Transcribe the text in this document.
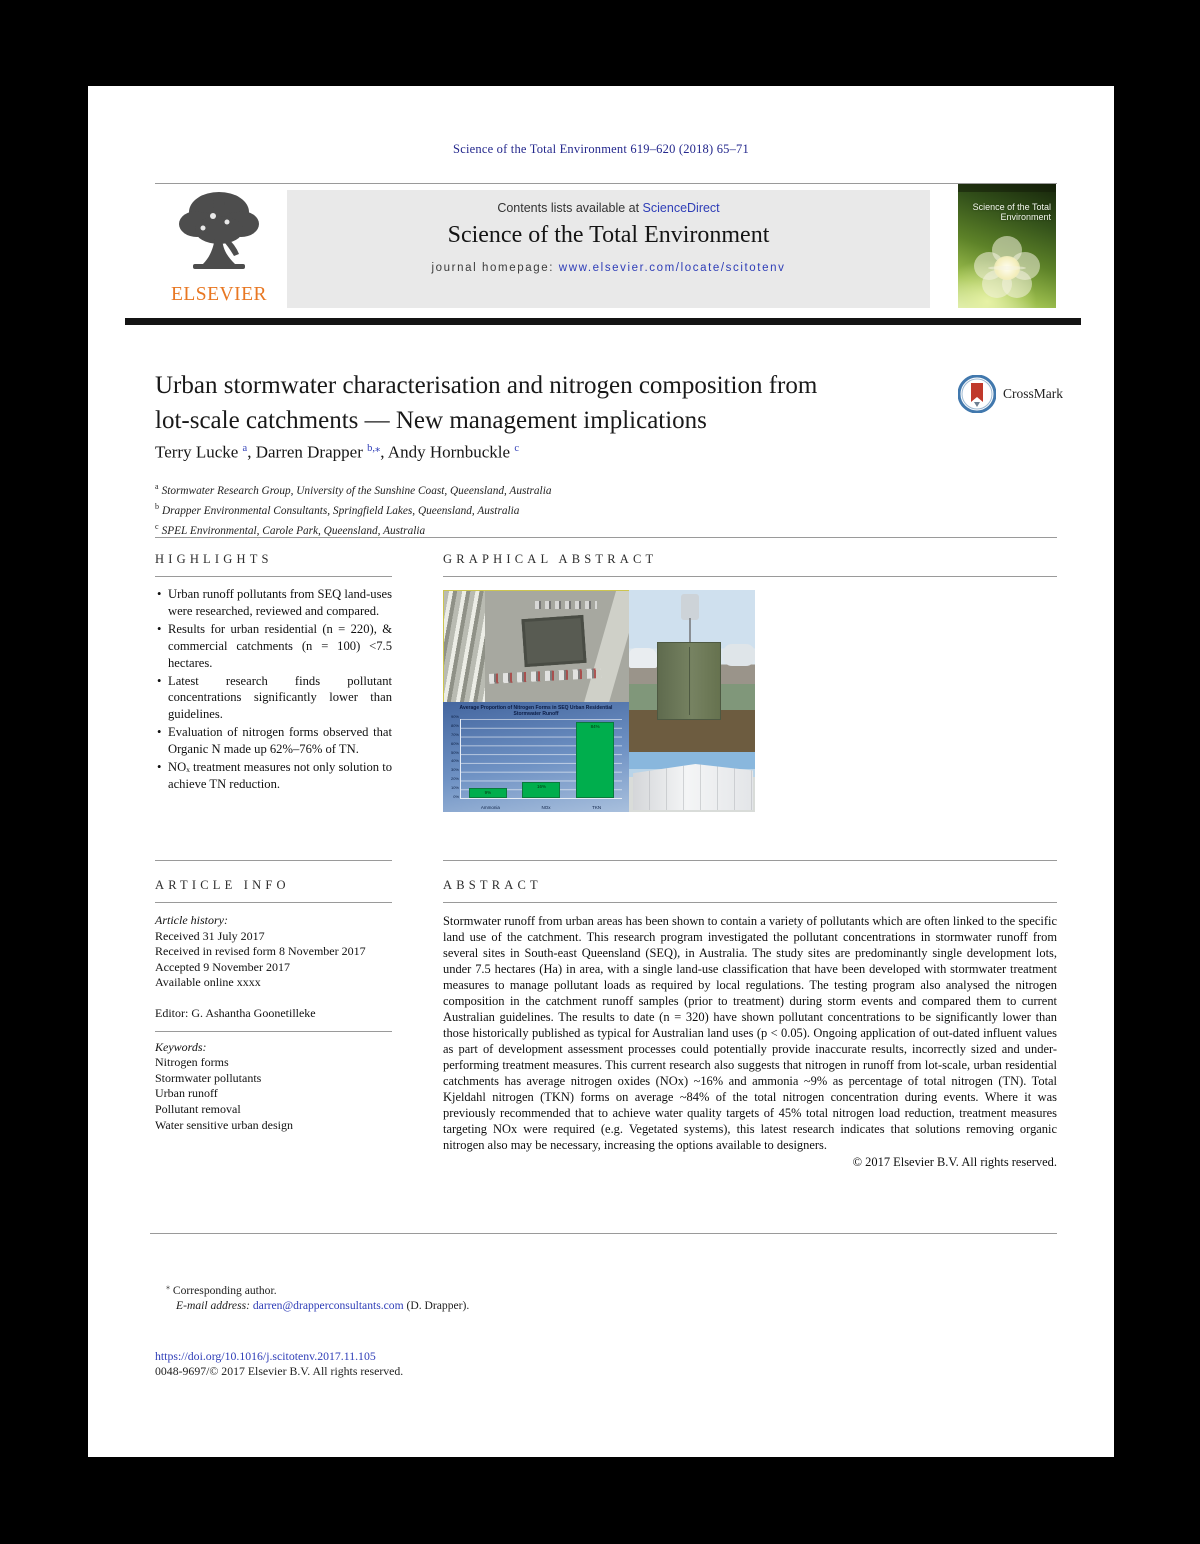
Science of the Total Environment 619–620 (2018) 65–71
ELSEVIER
Contents lists available at ScienceDirect
Science of the Total Environment
journal homepage: www.elsevier.com/locate/scitotenv
Science of the Total Environment
Urban stormwater characterisation and nitrogen composition from
lot-scale catchments — New management implications
CrossMark
Terry Lucke $^a$, Darren Drapper $^{b,⁎}$, Andy Hornbuckle $^c$
$^a$ Stormwater Research Group, University of the Sunshine Coast, Queensland, Australia
$^b$ Drapper Environmental Consultants, Springfield Lakes, Queensland, Australia
$^c$ SPEL Environmental, Carole Park, Queensland, Australia
HIGHLIGHTS
• Urban runoff pollutants from SEQ land-uses were researched, reviewed and compared.
• Results for urban residential (n = 220), & commercial catchments (n = 100) <7.5 hectares.
• Latest research finds pollutant concentrations significantly lower than guidelines.
• Evaluation of nitrogen forms observed that Organic N made up 62%–76% of TN.
• NOₓ treatment measures not only solution to achieve TN reduction.
GRAPHICAL ABSTRACT
Average Proportion of Nitrogen Forms in SEQ Urban Residential Stormwater Runoff
9%
16%
84%
Ammonia	NOx	TKN
0%
10%
20%
30%
40%
50%
60%
70%
80%
90%
ARTICLE INFO
Article history:
Received 31 July 2017
Received in revised form 8 November 2017
Accepted 9 November 2017
Available online xxxx
Editor: G. Ashantha Goonetilleke
Keywords:
Nitrogen forms
Stormwater pollutants
Urban runoff
Pollutant removal
Water sensitive urban design
ABSTRACT
Stormwater runoff from urban areas has been shown to contain a variety of pollutants which are often linked to the specific land use of the catchment. This research program investigated the pollutant concentrations in stormwater runoff from several sites in South-east Queensland (SEQ), in Australia. The study sites are predominantly single development lots, under 7.5 hectares (Ha) in area, with a single land-use classification that have been developed with stormwater treatment measures to manage pollutant loads as required by local regulations. The testing program also analysed the nitrogen composition in the catchment runoff samples (prior to treatment) during storm events and compared them to current Australian guidelines. The results to date (n = 320) have shown pollutant concentrations to be significantly lower than those historically published as typical for Australian land uses (p < 0.05). Ongoing application of out-dated influent values as part of development assessment processes could potentially provide inaccurate results, incorrectly sized and under-performing treatment measures. This current research also suggests that nitrogen in runoff from lot-scale, urban residential catchments has average nitrogen oxides (NOx) ~16% and ammonia ~9% as percentage of total nitrogen (TN). Total Kjeldahl nitrogen (TKN) forms on average ~84% of the total nitrogen concentration during events. Where it was previously recommended that to achieve water quality targets of 45% total nitrogen load reduction, treatment measures targeting NOx were required (e.g. Vegetated systems), this latest research indicates that solutions removing organic nitrogen also may be necessary, increasing the options available to designers.
© 2017 Elsevier B.V. All rights reserved.
⁎ Corresponding author.
E-mail address: darren@drapperconsultants.com (D. Drapper).
https://doi.org/10.1016/j.scitotenv.2017.11.105
0048-9697/© 2017 Elsevier B.V. All rights reserved.
